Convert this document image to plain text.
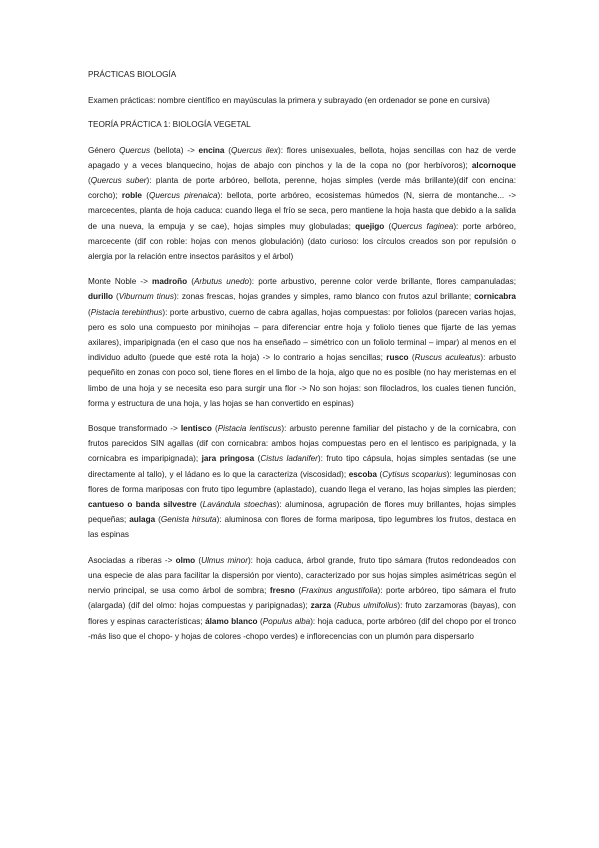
PRÁCTICAS BIOLOGÍA

Examen prácticas: nombre científico en mayúsculas la primera y subrayado (en ordenador se pone en cursiva)

TEORÍA PRÁCTICA 1: BIOLOGÍA VEGETAL

Género Quercus (bellota) -> encina (Quercus ilex): flores unisexuales, bellota, hojas sencillas con haz de verde apagado y a veces blanquecino, hojas de abajo con pinchos y la de la copa no (por herbívoros); alcornoque (Quercus suber): planta de porte arbóreo, bellota, perenne, hojas simples (verde más brillante)(dif con encina: corcho); roble (Quercus pirenaica): bellota, porte arbóreo, ecosistemas húmedos (N, sierra de montanche... -> marcecentes, planta de hoja caduca: cuando llega el frío se seca, pero mantiene la hoja hasta que debido a la salida de una nueva, la empuja y se cae), hojas simples muy globuladas; quejigo (Quercus faginea): porte arbóreo, marcecente (dif con roble: hojas con menos globulación) (dato curioso: los círculos creados son por repulsión o alergia por la relación entre insectos parásitos y el árbol)

Monte Noble -> madroño (Arbutus unedo): porte arbustivo, perenne color verde brillante, flores campanuladas; durillo (Viburnum tinus): zonas frescas, hojas grandes y simples, ramo blanco con frutos azul brillante; cornicabra (Pistacia terebinthus): porte arbustivo, cuerno de cabra agallas, hojas compuestas: por foliolos (parecen varias hojas, pero es solo una compuesto por minihojas – para diferenciar entre hoja y foliolo tienes que fijarte de las yemas axilares), imparipignada (en el caso que nos ha enseñado – simétrico con un foliolo terminal – impar) al menos en el individuo adulto (puede que esté rota la hoja) -> lo contrario a hojas sencillas; rusco (Ruscus aculeatus): arbusto pequeñito en zonas con poco sol, tiene flores en el limbo de la hoja, algo que no es posible (no hay meristemas en el limbo de una hoja y se necesita eso para surgir una flor -> No son hojas: son filocladros, los cuales tienen función, forma y estructura de una hoja, y las hojas se han convertido en espinas)

Bosque transformado -> lentisco (Pistacia lentiscus): arbusto perenne familiar del pistacho y de la cornicabra, con frutos parecidos SIN agallas (dif con cornicabra: ambos hojas compuestas pero en el lentisco es paripignada, y la cornicabra es imparipignada); jara pringosa (Cistus ladanifer): fruto tipo cápsula, hojas simples sentadas (se une directamente al tallo), y el ládano es lo que la caracteriza (viscosidad); escoba (Cytisus scoparius): leguminosas con flores de forma mariposas con fruto tipo legumbre (aplastado), cuando llega el verano, las hojas simples las pierden; cantueso o banda silvestre (Lavándula stoechas): aluminosa, agrupación de flores muy brillantes, hojas simples pequeñas; aulaga (Genista hirsuta): aluminosa con flores de forma mariposa, tipo legumbres los frutos, destaca en las espinas

Asociadas a riberas -> olmo (Ulmus minor): hoja caduca, árbol grande, fruto tipo sámara (frutos redondeados con una especie de alas para facilitar la dispersión por viento), caracterizado por sus hojas simples asimétricas según el nervio principal, se usa como árbol de sombra; fresno (Fraxinus angustifolia): porte arbóreo, tipo sámara el fruto (alargada) (dif del olmo: hojas compuestas y paripignadas); zarza (Rubus ulmifolius): fruto zarzamoras (bayas), con flores y espinas características; álamo blanco (Populus alba): hoja caduca, porte arbóreo (dif del chopo por el tronco -más liso que el chopo- y hojas de colores -chopo verdes) e inflorecencias con un plumón para dispersarlo
